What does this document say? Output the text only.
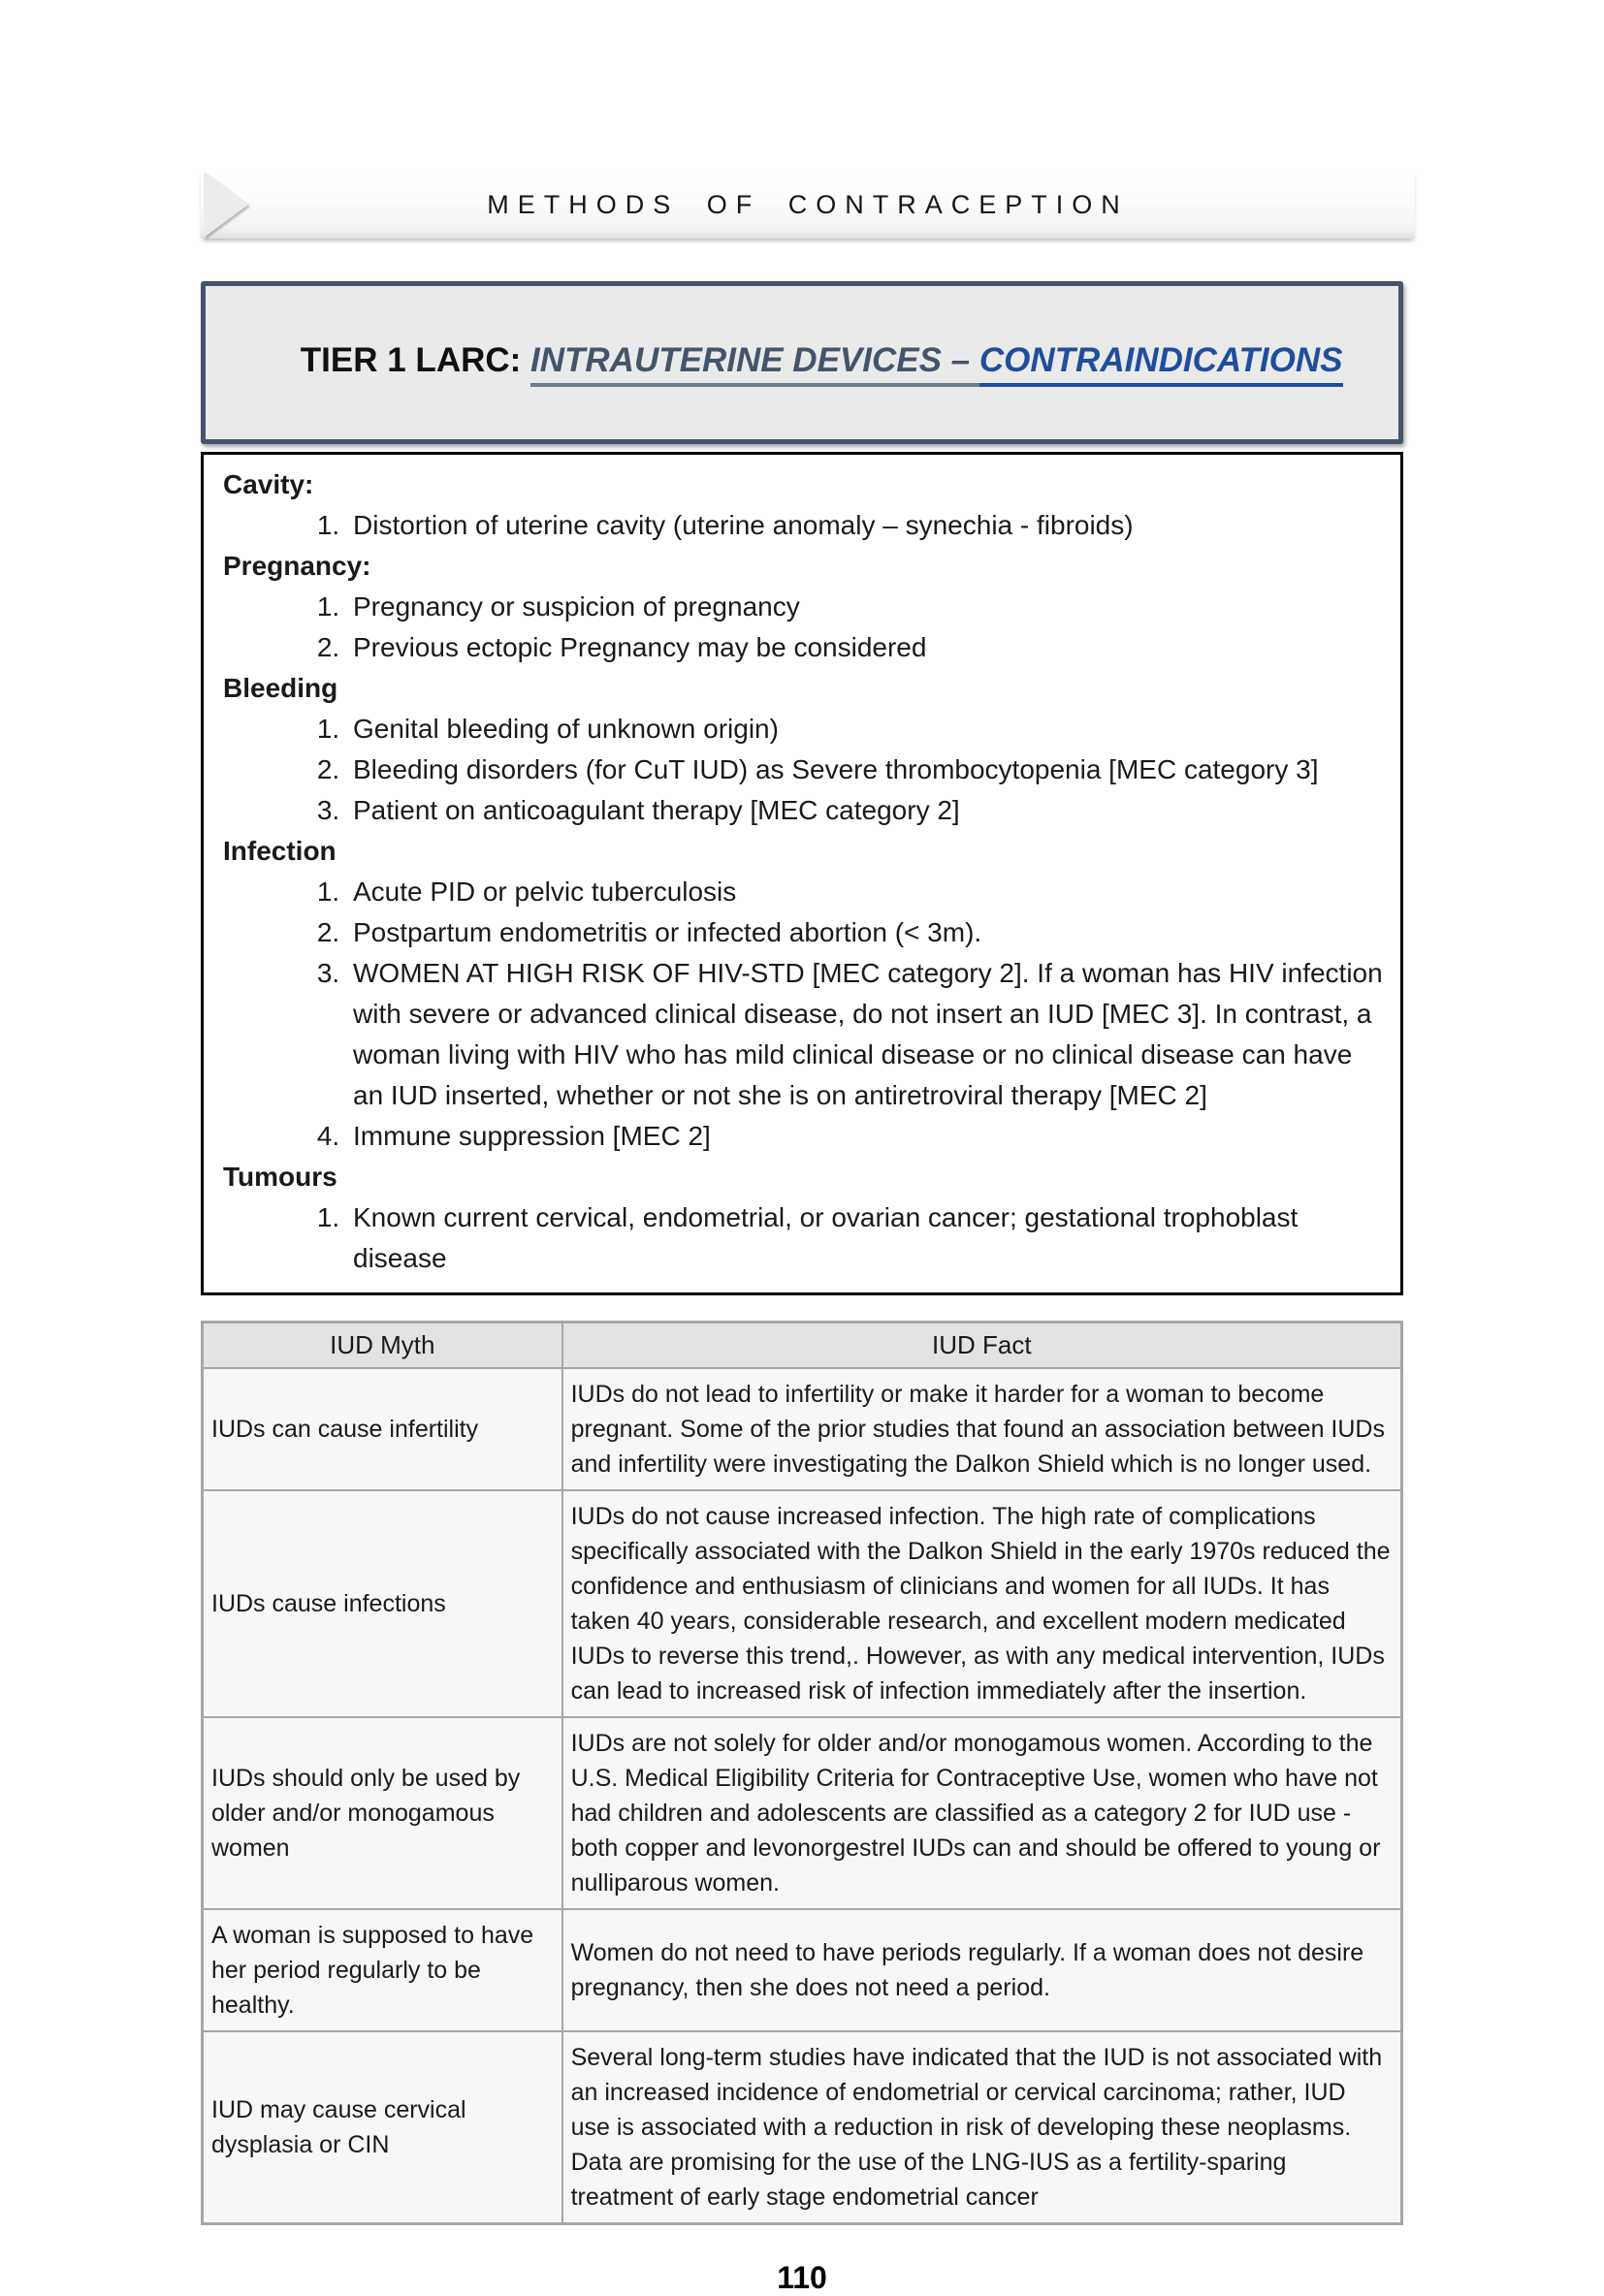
METHODS OF CONTRACEPTION

TIER 1 LARC: INTRAUTERINE DEVICES – CONTRAINDICATIONS

Cavity:
1. Distortion of uterine cavity (uterine anomaly – synechia - fibroids)
Pregnancy:
1. Pregnancy or suspicion of pregnancy
2. Previous ectopic Pregnancy may be considered
Bleeding
1. Genital bleeding of unknown origin)
2. Bleeding disorders (for CuT IUD) as Severe thrombocytopenia [MEC category 3]
3. Patient on anticoagulant therapy [MEC category 2]
Infection
1. Acute PID or pelvic tuberculosis
2. Postpartum endometritis or infected abortion (< 3m).
3. WOMEN AT HIGH RISK OF HIV-STD [MEC category 2]. If a woman has HIV infection with severe or advanced clinical disease, do not insert an IUD [MEC 3]. In contrast, a woman living with HIV who has mild clinical disease or no clinical disease can have an IUD inserted, whether or not she is on antiretroviral therapy [MEC 2]
4. Immune suppression [MEC 2]
Tumours
1. Known current cervical, endometrial, or ovarian cancer; gestational trophoblast disease
IUD Myth	IUD Fact
IUDs can cause infertility	IUDs do not lead to infertility or make it harder for a woman to become pregnant. Some of the prior studies that found an association between IUDs and infertility were investigating the Dalkon Shield which is no longer used.
IUDs cause infections	IUDs do not cause increased infection. The high rate of complications specifically associated with the Dalkon Shield in the early 1970s reduced the confidence and enthusiasm of clinicians and women for all IUDs. It has taken 40 years, considerable research, and excellent modern medicated IUDs to reverse this trend,. However, as with any medical intervention, IUDs can lead to increased risk of infection immediately after the insertion.
IUDs should only be used by older and/or monogamous women	IUDs are not solely for older and/or monogamous women. According to the U.S. Medical Eligibility Criteria for Contraceptive Use, women who have not had children and adolescents are classified as a category 2 for IUD use - both copper and levonorgestrel IUDs can and should be offered to young or nulliparous women.
A woman is supposed to have her period regularly to be healthy.	Women do not need to have periods regularly. If a woman does not desire pregnancy, then she does not need a period.
IUD may cause cervical dysplasia or CIN	Several long-term studies have indicated that the IUD is not associated with an increased incidence of endometrial or cervical carcinoma; rather, IUD use is associated with a reduction in risk of developing these neoplasms. Data are promising for the use of the LNG-IUS as a fertility-sparing treatment of early stage endometrial cancer
110
